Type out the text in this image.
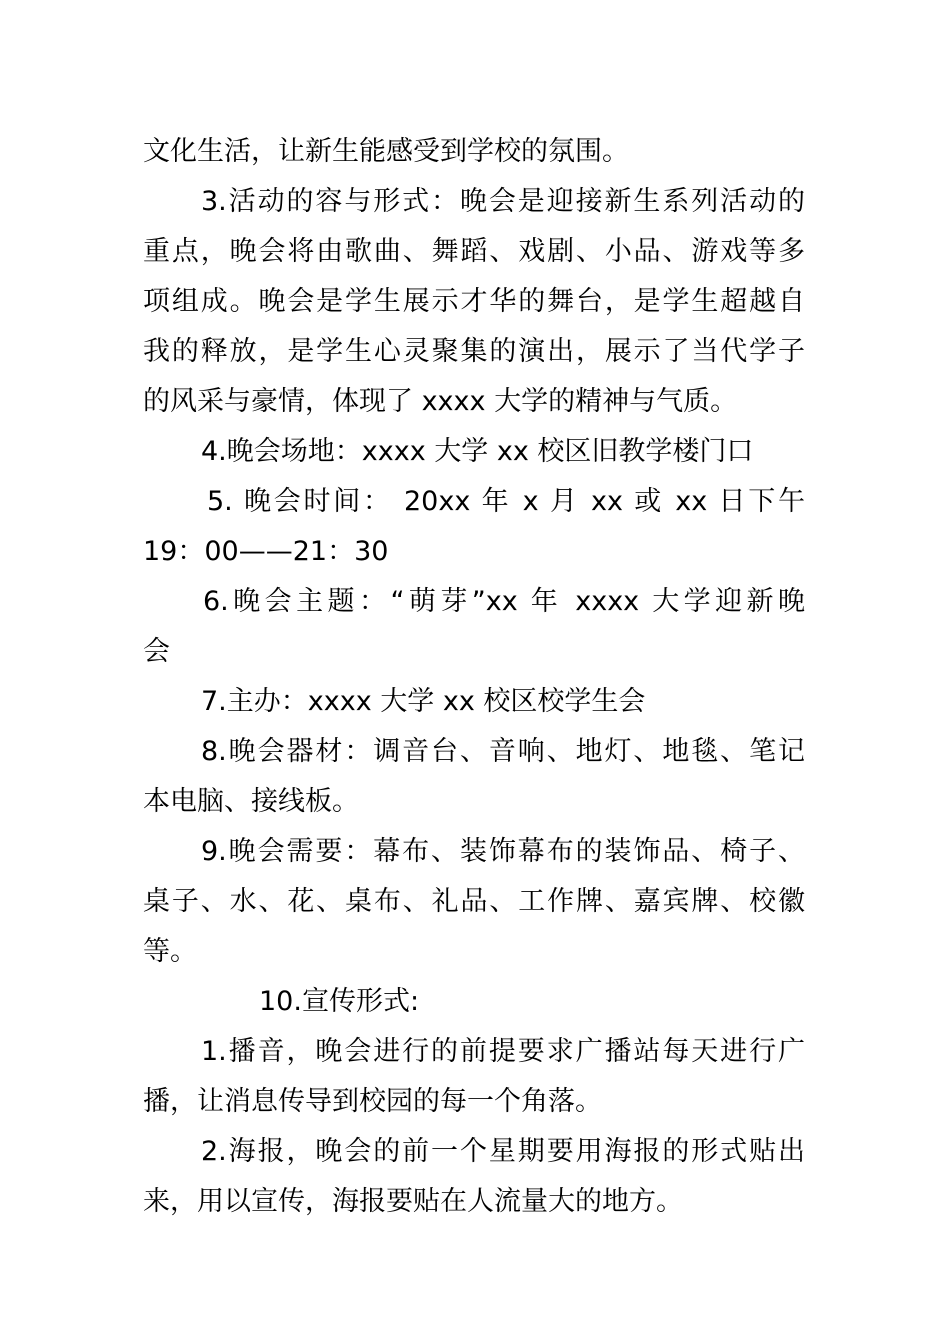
文化生活，让新生能感受到学校的氛围。
3.活动的容与形式：晚会是迎接新生系列活动的
重点，晚会将由歌曲、舞蹈、戏剧、小品、游戏等多
项组成。晚会是学生展示才华的舞台，是学生超越自
我的释放，是学生心灵聚集的演出，展示了当代学子
的风采与豪情，体现了 xxxx 大学的精神与气质。
4.晚会场地：xxxx 大学 xx 校区旧教学楼门口
5. 晚会时间： 20xx 年 x 月 xx 或 xx 日下午
19：00——21：30
6.晚会主题：“萌芽”xx 年 xxxx 大学迎新晚
会
7.主办：xxxx 大学 xx 校区校学生会
8.晚会器材：调音台、音响、地灯、地毯、笔记
本电脑、接线板。
9.晚会需要：幕布、装饰幕布的装饰品、椅子、
桌子、水、花、桌布、礼品、工作牌、嘉宾牌、校徽
等。
10.宣传形式:
1.播音，晚会进行的前提要求广播站每天进行广
播，让消息传导到校园的每一个角落。
2.海报，晚会的前一个星期要用海报的形式贴出
来，用以宣传，海报要贴在人流量大的地方。
